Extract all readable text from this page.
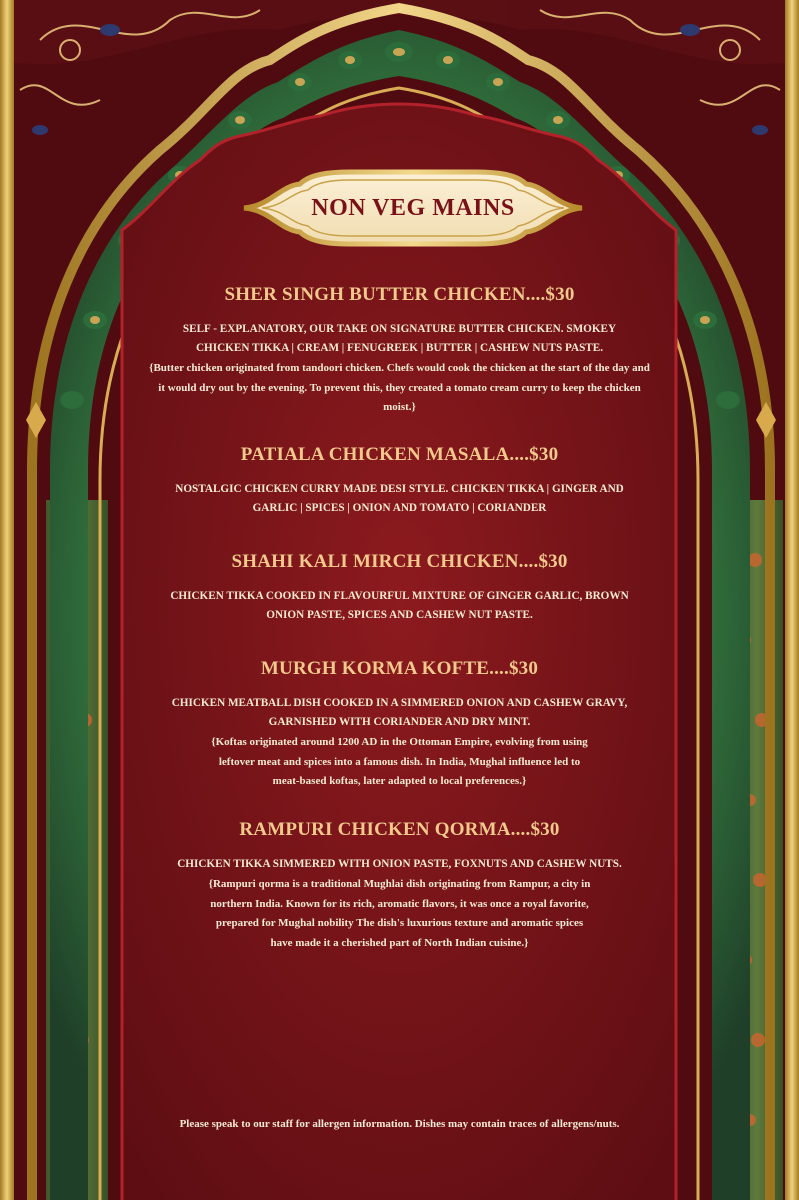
NON VEG MAINS
SHER SINGH BUTTER CHICKEN....$30
SELF - EXPLANATORY, OUR TAKE ON SIGNATURE BUTTER CHICKEN. SMOKEY
CHICKEN TIKKA | CREAM | FENUGREEK | BUTTER | CASHEW NUTS PASTE.
{Butter chicken originated from tandoori chicken. Chefs would cook the chicken at the start of the day and
it would dry out by the evening. To prevent this, they created a tomato cream curry to keep the chicken
moist.}
PATIALA CHICKEN MASALA....$30
NOSTALGIC CHICKEN CURRY MADE DESI STYLE. CHICKEN TIKKA | GINGER AND
GARLIC | SPICES | ONION AND TOMATO | CORIANDER
SHAHI KALI MIRCH CHICKEN....$30
CHICKEN TIKKA COOKED IN FLAVOURFUL MIXTURE OF GINGER GARLIC, BROWN
ONION PASTE, SPICES AND CASHEW NUT PASTE.
MURGH KORMA KOFTE....$30
CHICKEN MEATBALL DISH COOKED IN A SIMMERED ONION AND CASHEW GRAVY,
GARNISHED WITH CORIANDER AND DRY MINT.
{Koftas originated around 1200 AD in the Ottoman Empire, evolving from using
leftover meat and spices into a famous dish. In India, Mughal influence led to
meat-based koftas, later adapted to local preferences.}
RAMPURI CHICKEN QORMA....$30
CHICKEN TIKKA SIMMERED WITH ONION PASTE, FOXNUTS AND CASHEW NUTS.
{Rampuri qorma is a traditional Mughlai dish originating from Rampur, a city in
northern India. Known for its rich, aromatic flavors, it was once a royal favorite,
prepared for Mughal nobility The dish's luxurious texture and aromatic spices
have made it a cherished part of North Indian cuisine.}
Please speak to our staff for allergen information. Dishes may contain traces of allergens/nuts.
